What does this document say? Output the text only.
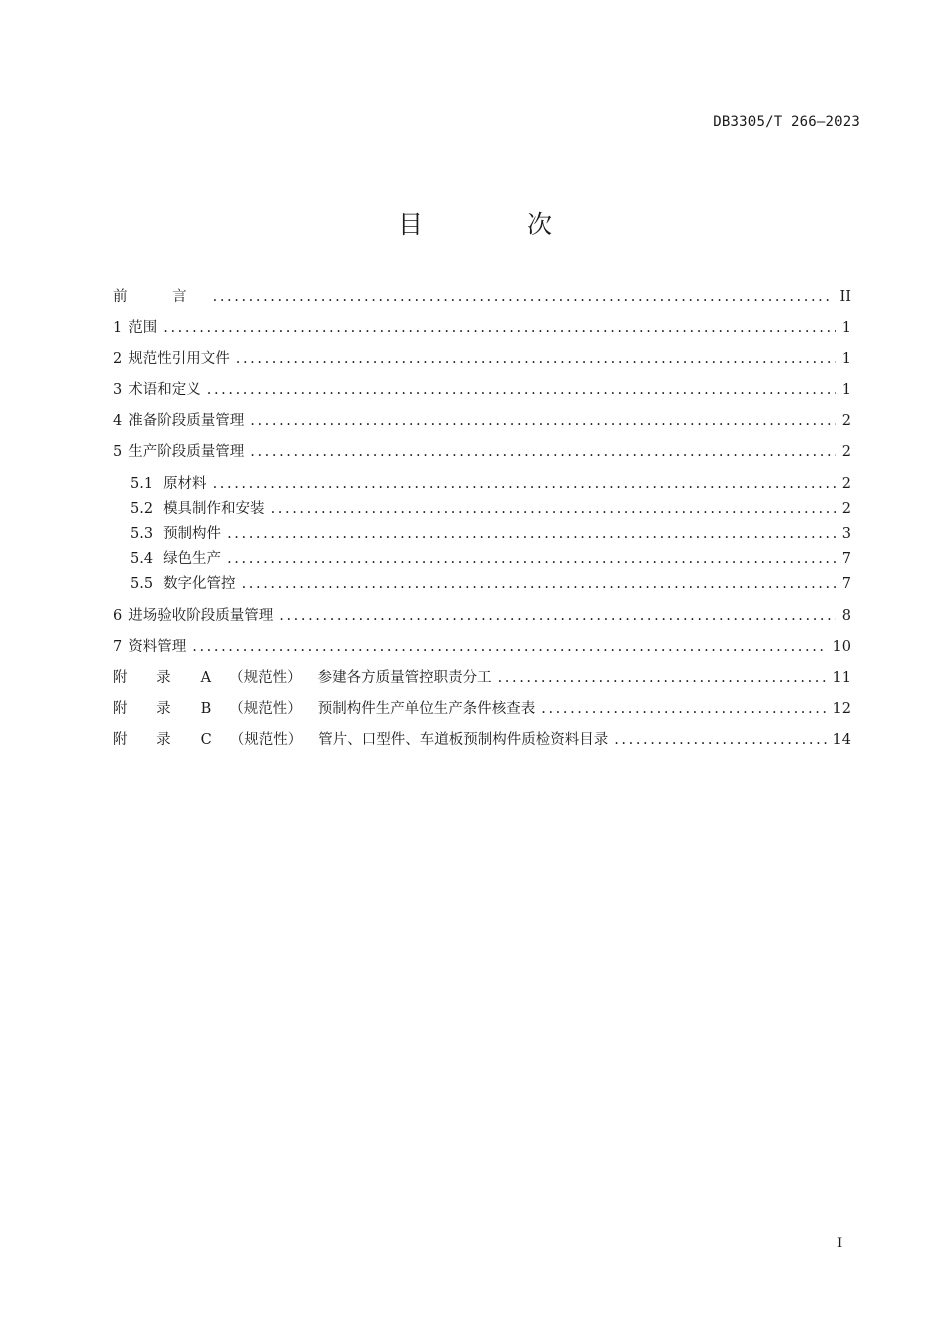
DB3305/T 266—2023
目 次
前 言 .....	II
1 范围 .....	1
2 规范性引用文件 .....	1
3 术语和定义 .....	1
4 准备阶段质量管理 .....	2
5 生产阶段质量管理 .....	2
5.1 原材料 .....	2
5.2 模具制作和安装 .....	2
5.3 预制构件 .....	3
5.4 绿色生产 .....	7
5.5 数字化管控 .....	7
6 进场验收阶段质量管理 .....	8
7 资料管理 .....	10
附 录 A （规范性） 参建各方质量管控职责分工 .....	11
附 录 B （规范性） 预制构件生产单位生产条件核查表 .....	12
附 录 C （规范性） 管片、口型件、车道板预制构件质检资料目录 .....	14
I
